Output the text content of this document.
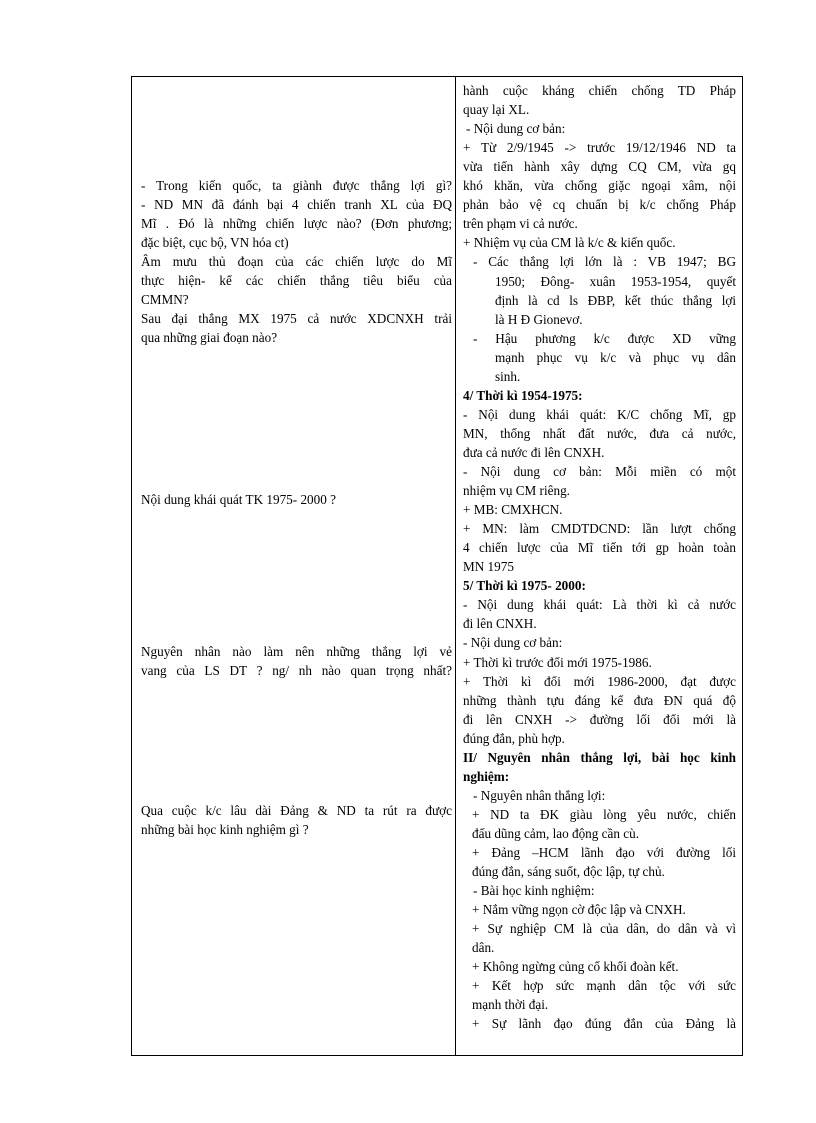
- Trong kiến quốc, ta giành được thắng lợi gì?
- ND MN đã đánh bại 4 chiến tranh XL của ĐQ
Mĩ . Đó là những chiến lược nào? (Đơn phương;
đặc biệt, cục bộ, VN hóa ct)
Âm mưu thủ đoạn của các chiến lược do Mĩ
thực hiện- kể các chiến thắng tiêu biểu của
CMMN?
Sau đại thắng MX 1975 cả nước XDCNXH trải
qua những giai đoạn nào?
Nội dung khái quát TK 1975- 2000 ?
Nguyên nhân nào làm nên những thắng lợi vẻ
vang của LS DT ? ng/ nh nào quan trọng nhất?
Qua cuộc k/c lâu dài Đảng & ND ta rút ra được
những bài học kinh nghiệm gì ?
hành cuộc kháng chiến chống TD Pháp
quay lại XL.
- Nội dung cơ bản:
+ Từ 2/9/1945 -> trước 19/12/1946 ND ta
vừa tiến hành xây dựng CQ CM, vừa gq
khó khăn, vừa chống giặc ngoại xâm, nội
phản bảo vệ cq chuẩn bị k/c chống Pháp
trên phạm vi cả nước.
+ Nhiệm vụ của CM là k/c & kiến quốc.
- Các thắng lợi lớn là : VB 1947; BG
1950; Đông- xuân 1953-1954, quyết
định là cd ls ĐBP, kết thúc thắng lợi
là H Đ Gionevơ.
- Hậu phương k/c được XD vững
mạnh phục vụ k/c và phục vụ dân
sinh.
4/ Thời kì 1954-1975:
- Nội dung khái quát: K/C chống Mĩ, gp
MN, thống nhất đất nước, đưa cả nước,
đưa cả nước đi lên CNXH.
- Nội dung cơ bản: Mỗi miền có một
nhiệm vụ CM riêng.
+ MB: CMXHCN.
+ MN: làm CMDTDCND: lần lượt chống
4 chiến lược của Mĩ tiến tới gp hoàn toàn
MN 1975
5/ Thời kì 1975- 2000:
- Nội dung khái quát: Là thời kì cả nước
đi lên CNXH.
- Nội dung cơ bản:
+ Thời kì trước đổi mới 1975-1986.
+ Thời kì đổi mới 1986-2000, đạt được
những thành tựu đáng kể đưa ĐN quá độ
đi lên CNXH -> đường lối đổi mới là
đúng đắn, phù hợp.
II/ Nguyên nhân thắng lợi, bài học kinh
nghiệm:
- Nguyên nhân thắng lợi:
+ ND ta ĐK giàu lòng yêu nước, chiến
đấu dũng cảm, lao động cần cù.
+ Đảng –HCM lãnh đạo với đường lối
đúng đắn, sáng suốt, độc lập, tự chủ.
- Bài học kinh nghiệm:
+ Nắm vững ngọn cờ độc lập và CNXH.
+ Sự nghiệp CM là của dân, do dân và vì
dân.
+ Không ngừng củng cố khối đoàn kết.
+ Kết hợp sức mạnh dân tộc với sức
mạnh thời đại.
+ Sự lãnh đạo đúng đắn của Đảng là
